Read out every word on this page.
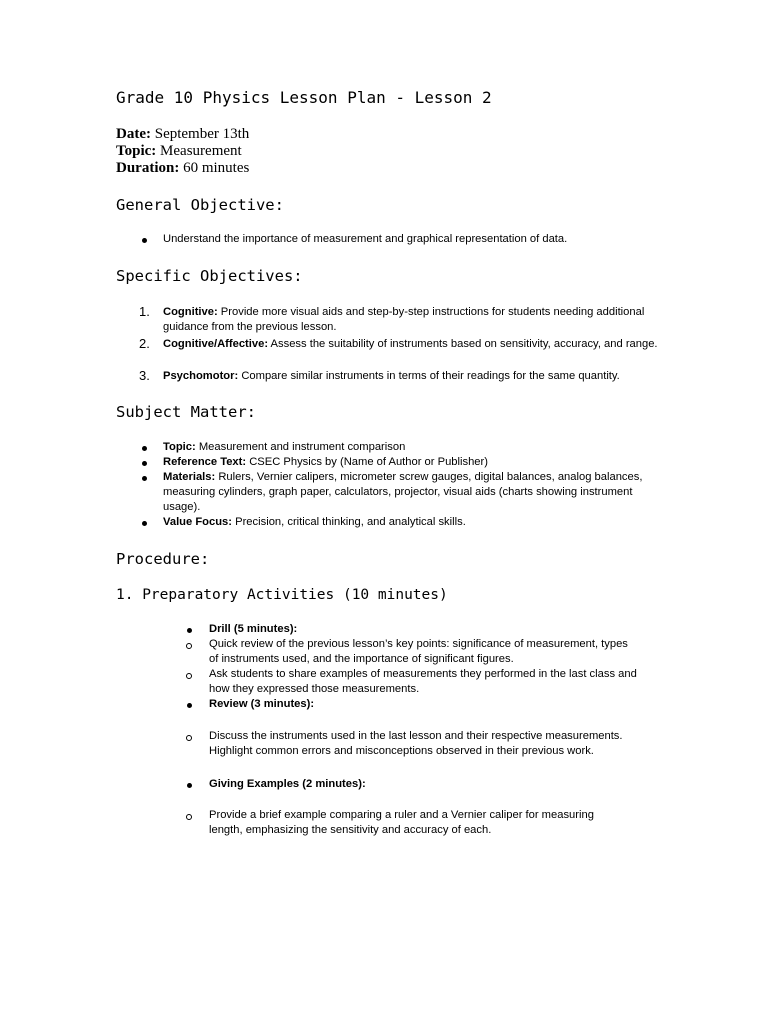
Grade 10 Physics Lesson Plan - Lesson 2
Date: September 13th
Topic: Measurement
Duration: 60 minutes
General Objective:
Understand the importance of measurement and graphical representation of data.
Specific Objectives:
1. Cognitive: Provide more visual aids and step-by-step instructions for students needing additional guidance from the previous lesson.
2. Cognitive/Affective: Assess the suitability of instruments based on sensitivity, accuracy, and range.
3. Psychomotor: Compare similar instruments in terms of their readings for the same quantity.
Subject Matter:
Topic: Measurement and instrument comparison
Reference Text: CSEC Physics by (Name of Author or Publisher)
Materials: Rulers, Vernier calipers, micrometer screw gauges, digital balances, analog balances, measuring cylinders, graph paper, calculators, projector, visual aids (charts showing instrument usage).
Value Focus: Precision, critical thinking, and analytical skills.
Procedure:
1. Preparatory Activities (10 minutes)
Drill (5 minutes):
Quick review of the previous lesson’s key points: significance of measurement, types of instruments used, and the importance of significant figures.
Ask students to share examples of measurements they performed in the last class and how they expressed those measurements.
Review (3 minutes):
Discuss the instruments used in the last lesson and their respective measurements. Highlight common errors and misconceptions observed in their previous work.
Giving Examples (2 minutes):
Provide a brief example comparing a ruler and a Vernier caliper for measuring length, emphasizing the sensitivity and accuracy of each.
